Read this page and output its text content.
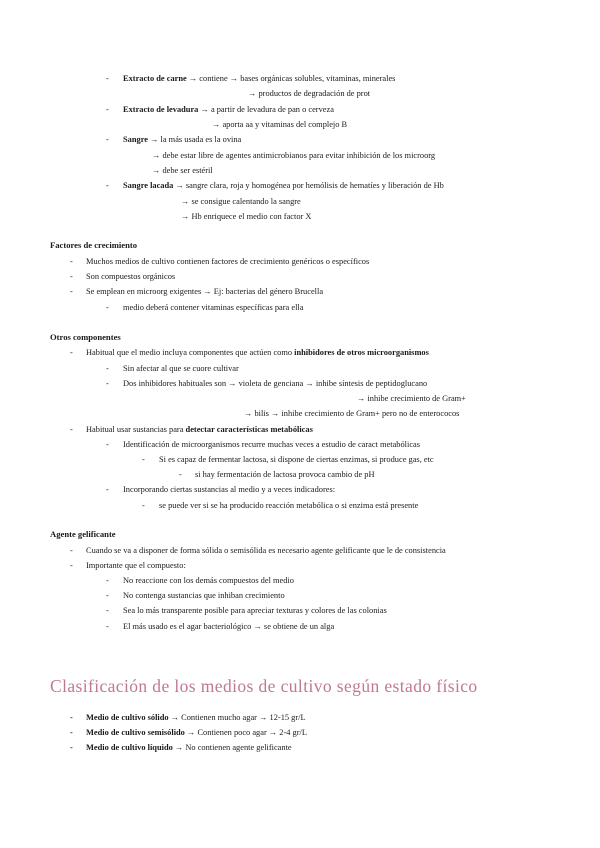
- Extracto de carne → contiene → bases orgánicas solubles, vitaminas, minerales
→ productos de degradación de prot
- Extracto de levadura → a partir de levadura de pan o cerveza
→ aporta aa y vitaminas del complejo B
- Sangre → la más usada es la ovina
→ debe estar libre de agentes antimicrobianos para evitar inhibición de los microorg
→ debe ser estéril
- Sangre lacada → sangre clara, roja y homogénea por hemólisis de hematíes y liberación de Hb
→ se consigue calentando la sangre
→ Hb enriquece el medio con factor X
Factores de crecimiento
- Muchos medios de cultivo contienen factores de crecimiento genéricos o específicos
- Son compuestos orgánicos
- Se emplean en microorg exigentes → Ej: bacterias del género Brucella
- medio deberá contener vitaminas específicas para ella
Otros componentes
- Habitual que el medio incluya componentes que actúen como inhibidores de otros microorganismos
- Sin afectar al que se cuore cultivar
- Dos inhibidores habituales son → violeta de genciana → inhibe síntesis de peptidoglucano
→ inhibe crecimiento de Gram+
→ bilis → inhibe crecimiento de Gram+ pero no de enterococos
- Habitual usar sustancias para detectar características metabólicas
- Identificación de microorganismos recurre muchas veces a estudio de caract metabólicas
- Si es capaz de fermentar lactosa, si dispone de ciertas enzimas, si produce gas, etc
- si hay fermentación de lactosa provoca cambio de pH
- Incorporando ciertas sustancias al medio y a veces indicadores:
- se puede ver si se ha producido reacción metabólica o si enzima está presente
Agente gelificante
- Cuando se va a disponer de forma sólida o semisólida es necesario agente gelificante que le de consistencia
- Importante que el compuesto:
- No reaccione con los demás compuestos del medio
- No contenga sustancias que inhiban crecimiento
- Sea lo más transparente posible para apreciar texturas y colores de las colonias
- El más usado es el agar bacteriológico → se obtiene de un alga
Clasificación de los medios de cultivo según estado físico
- Medio de cultivo sólido → Contienen mucho agar → 12-15 gr/L
- Medio de cultivo semisólido → Contienen poco agar → 2-4 gr/L
- Medio de cultivo líquido → No contienen agente gelificante
